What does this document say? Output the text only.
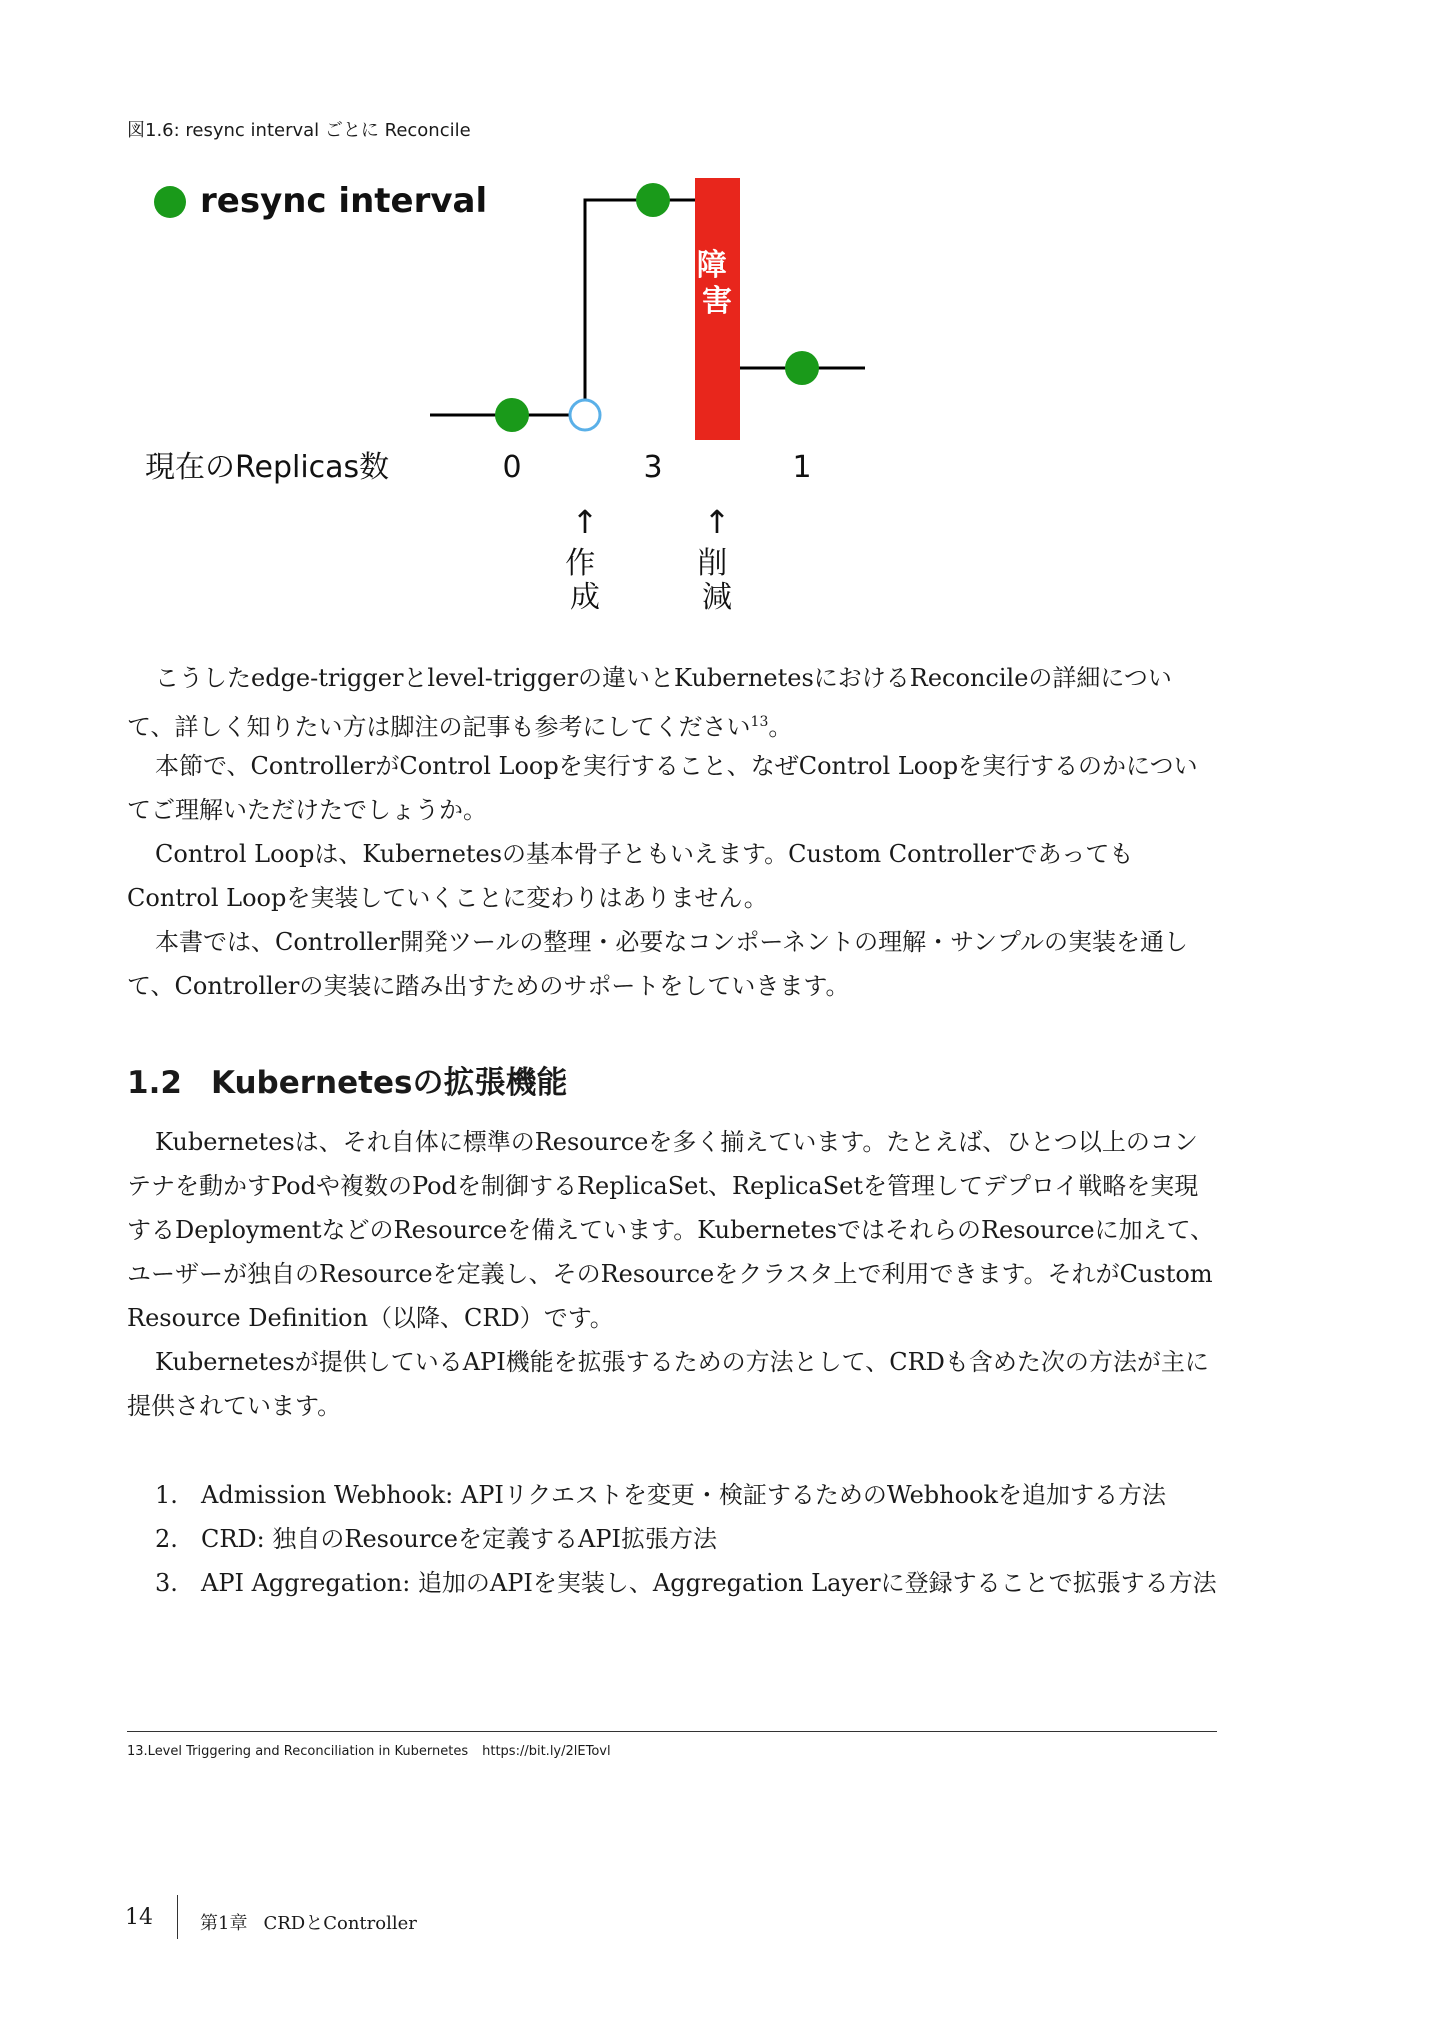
図1.6: resync interval ごとに Reconcile
resync interval
障 害
現在のReplicas数	0	3	1
↑
作 成
↑
削 減

こうしたedge-triggerとlevel-triggerの違いとKubernetesにおけるReconcileの詳細について、詳しく知りたい方は脚注の記事も参考にしてください$^{13}$。

本節で、ControllerがControl Loopを実行すること、なぜControl Loopを実行するのかについてご理解いただけたでしょうか。

Control Loopは、Kubernetesの基本骨子ともいえます。Custom ControllerであってもControl Loopを実装していくことに変わりはありません。

本書では、Controller開発ツールの整理・必要なコンポーネントの理解・サンプルの実装を通して、Controllerの実装に踏み出すためのサポートをしていきます。

1.2 Kubernetesの拡張機能

Kubernetesは、それ自体に標準のResourceを多く揃えています。たとえば、ひとつ以上のコンテナを動かすPodや複数のPodを制御するReplicaSet、ReplicaSetを管理してデプロイ戦略を実現するDeploymentなどのResourceを備えています。KubernetesではそれらのResourceに加えて、ユーザーが独自のResourceを定義し、そのResourceをクラスタ上で利用できます。それがCustom Resource Definition（以降、CRD）です。

Kubernetesが提供しているAPI機能を拡張するための方法として、CRDも含めた次の方法が主に提供されています。

1. Admission Webhook: APIリクエストを変更・検証するためのWebhookを追加する方法
2. CRD: 独自のResourceを定義するAPI拡張方法
3. API Aggregation: 追加のAPIを実装し、Aggregation Layerに登録することで拡張する方法
13.Level Triggering and Reconciliation in Kubernetes https://bit.ly/2lETovl
14	第1章 CRDとController
